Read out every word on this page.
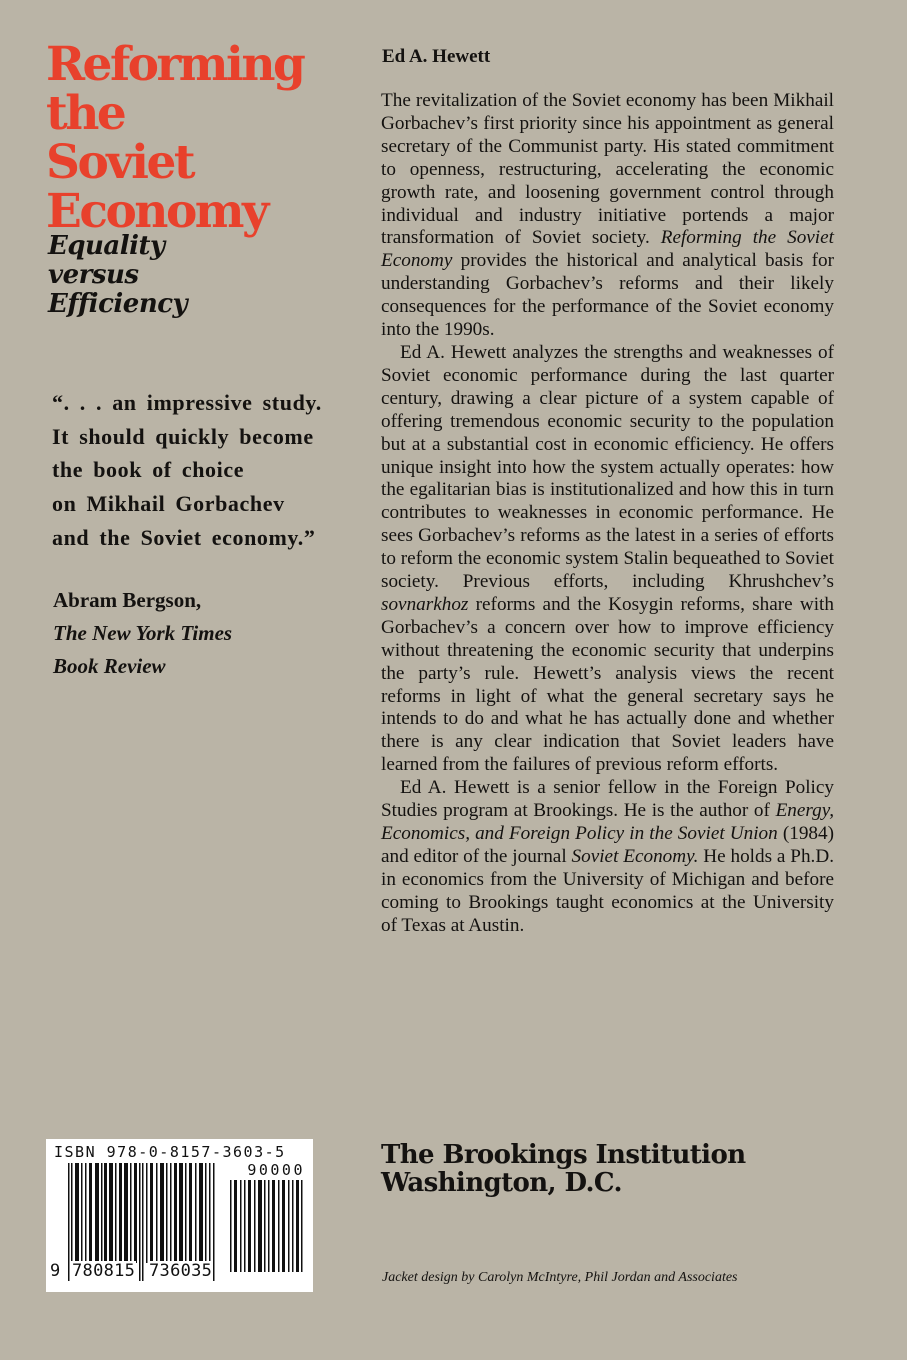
Reforming
the
Soviet
Economy
Equality
versus
Efficiency
“. . . an impressive study.
It should quickly become
the book of choice
on Mikhail Gorbachev
and the Soviet economy.”
Abram Bergson,
The New York Times
Book Review
Ed A. Hewett

The revitalization of the Soviet economy has been Mikhail Gorbachev’s first priority since his appointment as general secretary of the Communist party. His stated commitment to openness, restructuring, accelerating the economic growth rate, and loosening government control through individual and industry initiative portends a major transformation of Soviet society. Reforming the Soviet Economy provides the historical and analytical basis for understanding Gorbachev’s reforms and their likely consequences for the performance of the Soviet economy into the 1990s.

Ed A. Hewett analyzes the strengths and weaknesses of Soviet economic performance during the last quarter century, drawing a clear picture of a system capable of offering tremendous economic security to the population but at a substantial cost in economic efficiency. He offers unique insight into how the system actually operates: how the egalitarian bias is institutionalized and how this in turn contributes to weaknesses in economic performance. He sees Gorbachev’s reforms as the latest in a series of efforts to reform the economic system Stalin bequeathed to Soviet society. Previous efforts, including Khrushchev’s sovnarkhoz reforms and the Kosygin reforms, share with Gorbachev’s a concern over how to improve efficiency without threatening the economic security that underpins the party’s rule. Hewett’s analysis views the recent reforms in light of what the general secretary says he intends to do and what he has actually done and whether there is any clear indication that Soviet leaders have learned from the failures of previous reform efforts.

Ed A. Hewett is a senior fellow in the Foreign Policy Studies program at Brookings. He is the author of Energy, Economics, and Foreign Policy in the Soviet Union (1984) and editor of the journal Soviet Economy. He holds a Ph.D. in economics from the University of Michigan and before coming to Brookings taught economics at the University of Texas at Austin.

ISBN 978-0-8157-3603-5
90000
9 780815 736035
The Brookings Institution
Washington, D.C.
Jacket design by Carolyn McIntyre, Phil Jordan and Associates
